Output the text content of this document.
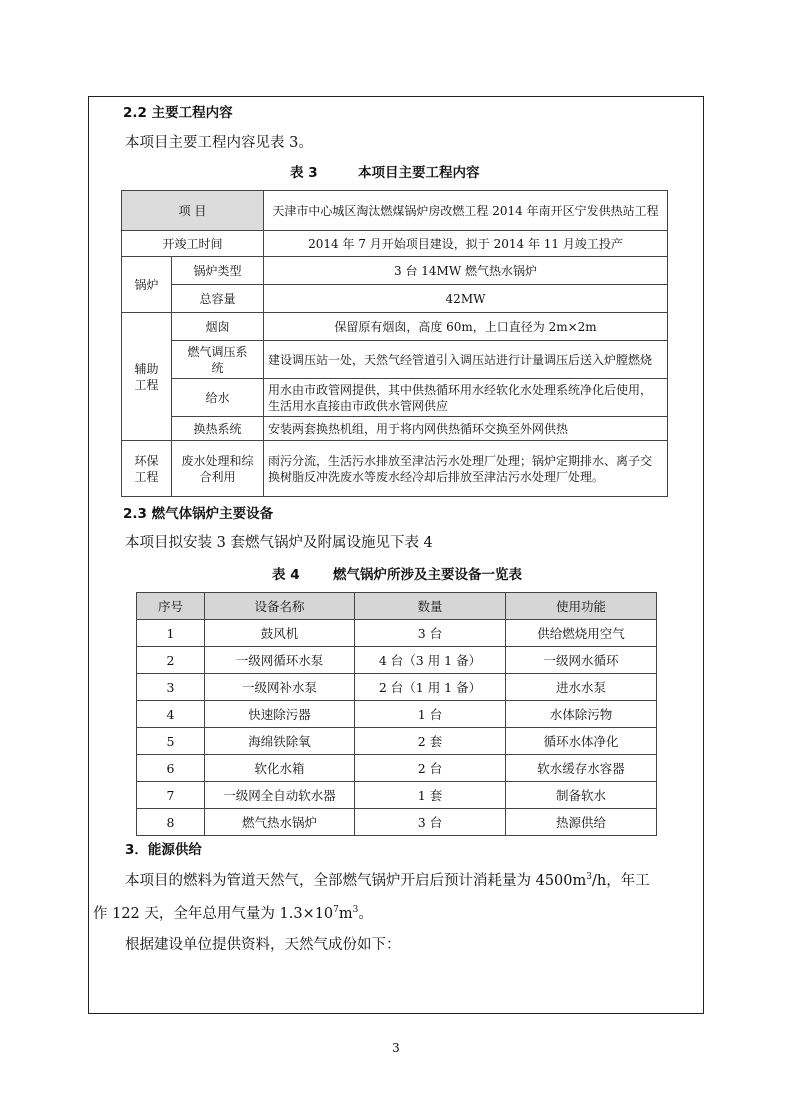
2.2 主要工程内容
本项目主要工程内容见表 3。
表 3	本项目主要工程内容
项 目		天津市中心城区淘汰燃煤锅炉房改燃工程 2014 年南开区宁发供热站工程
开竣工时间		2014 年 7 月开始项目建设，拟于 2014 年 11 月竣工投产
锅炉	锅炉类型	3 台 14MW 燃气热水锅炉
	总容量	42MW
辅助工程	烟囱	保留原有烟囱，高度 60m，上口直径为 2m×2m
	燃气调压系统	建设调压站一处，天然气经管道引入调压站进行计量调压后送入炉膛燃烧
	给水	用水由市政管网提供，其中供热循环用水经软化水处理系统净化后使用，生活用水直接由市政供水管网供应
	换热系统	安装两套换热机组，用于将内网供热循环交换至外网供热
环保工程	废水处理和综合利用	雨污分流，生活污水排放至津沽污水处理厂处理；锅炉定期排水、离子交换树脂反冲洗废水等废水经冷却后排放至津沽污水处理厂处理。
2.3 燃气体锅炉主要设备
本项目拟安装 3 套燃气锅炉及附属设施见下表 4
表 4 燃气锅炉所涉及主要设备一览表
序号	设备名称	数量	使用功能
1	鼓风机	3 台	供给燃烧用空气
2	一级网循环水泵	4 台（3 用 1 备）	一级网水循环
3	一级网补水泵	2 台（1 用 1 备）	进水水泵
4	快速除污器	1 台	水体除污物
5	海绵铁除氧	2 套	循环水体净化
6	软化水箱	2 台	软水缓存水容器
7	一级网全自动软水器	1 套	制备软水
8	燃气热水锅炉	3 台	热源供给
3．能源供给
本项目的燃料为管道天然气，全部燃气锅炉开启后预计消耗量为 $4500m^3/h$，年工
作 122 天，全年总用气量为 $1.3\times 10^7m^3$。
根据建设单位提供资料，天然气成份如下：
3
